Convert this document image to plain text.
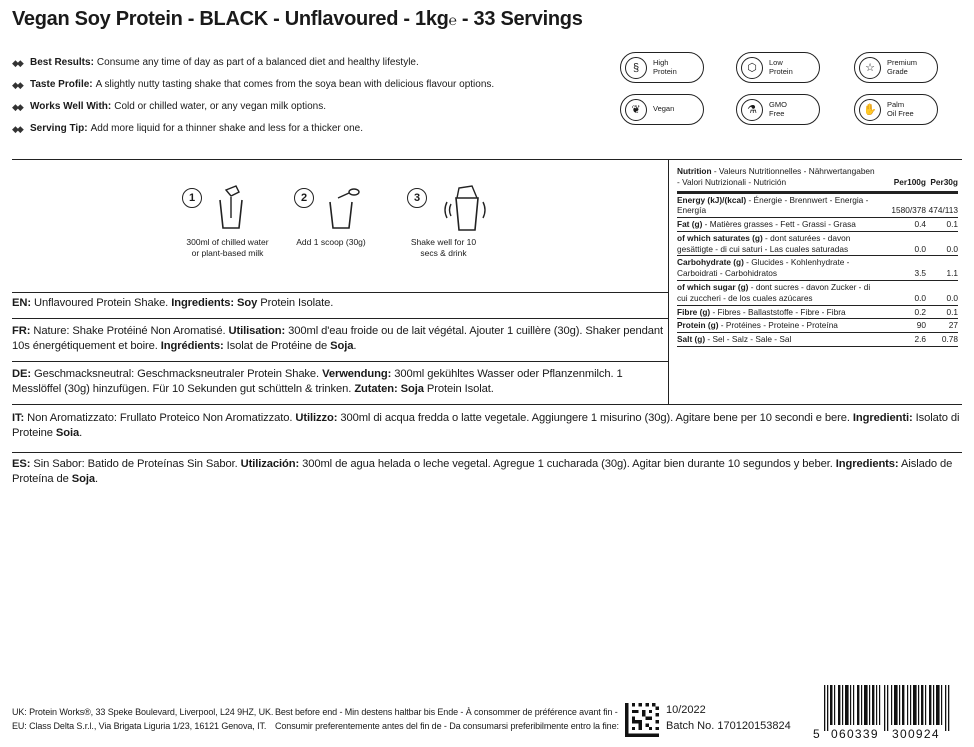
Vegan Soy Protein - BLACK - Unflavoured - 1kg℮ - 33 Servings
◆◆ Best Results: Consume any time of day as part of a balanced diet and healthy lifestyle.
◆◆ Taste Profile: A slightly nutty tasting shake that comes from the soya bean with delicious flavour options.
◆◆ Works Well With: Cold or chilled water, or any vegan milk options.
◆◆ Serving Tip: Add more liquid for a thinner shake and less for a thicker one.
§	High
Protein	⬡	Low
Protein	☆	Premium
Grade
❦	Vegan	⚗	GMO
Free	✋	Palm
Oil Free
1
300ml of chilled water
or plant-based milk
2
Add 1 scoop (30g)
3
Shake well for 10
secs & drink
EN: Unflavoured Protein Shake. Ingredients: Soy Protein Isolate.
FR: Nature: Shake Protéiné Non Aromatisé. Utilisation: 300ml d'eau froide ou de lait végétal. Ajouter 1 cuillère (30g). Shaker pendant 10s énergétiquement et boire. Ingrédients: Isolat de Protéine de Soja.
DE: Geschmacksneutral: Geschmacksneutraler Protein Shake. Verwendung: 300ml gekühltes Wasser oder Pflanzenmilch. 1 Messlöffel (30g) hinzufügen. Für 10 Sekunden gut schütteln & trinken. Zutaten: Soja Protein Isolat.
IT: Non Aromatizzato: Frullato Proteico Non Aromatizzato. Utilizzo: 300ml di acqua fredda o latte vegetale. Aggiungere 1 misurino (30g). Agitare bene per 10 secondi e bere. Ingredienti: Isolato di Proteine Soia.
ES: Sin Sabor: Batido de Proteínas Sin Sabor. Utilización: 300ml de agua helada o leche vegetal. Agregue 1 cucharada (30g). Agitar bien durante 10 segundos y beber. Ingredients: Aislado de Proteína de Soja.
Nutrition - Valeurs Nutritionnelles - Nährwertangaben - Valori Nutrizionali - Nutrición	Per100g Per30g
Energy (kJ)/(kcal) - Énergie - Brennwert - Energia - Energía	1580/378 474/113
Fat (g) - Matières grasses - Fett - Grassi - Grasa	0.4	0.1
of which saturates (g) - dont saturées - davon gesättigte - di cui saturi - Las cuales saturadas	0.0	0.0
Carbohydrate (g) - Glucides - Kohlenhydrate - Carboidrati - Carbohidratos	3.5	1.1
of which sugar (g) - dont sucres - davon Zucker - di cui zuccheri - de los cuales azúcares	0.0	0.0
Fibre (g) - Fibres - Ballaststoffe - Fibre - Fibra	0.2	0.1
Protein (g) - Protéines - Proteine - Proteína	90	27
Salt (g) - Sel - Salz - Sale - Sal	2.6	0.78
UK: Protein Works®, 33 Speke Boulevard, Liverpool, L24 9HZ, UK.
EU: Class Delta S.r.l., Via Brigata Liguria 1/23, 16121 Genova, IT.
Best before end - Min destens haltbar bis Ende - À consommer de préférence avant fin -
Consumir preferentemente antes del fin de - Da consumarsi preferibilmente entro la fine:
10/2022
Batch No. 170120153824
5 060339 300924
